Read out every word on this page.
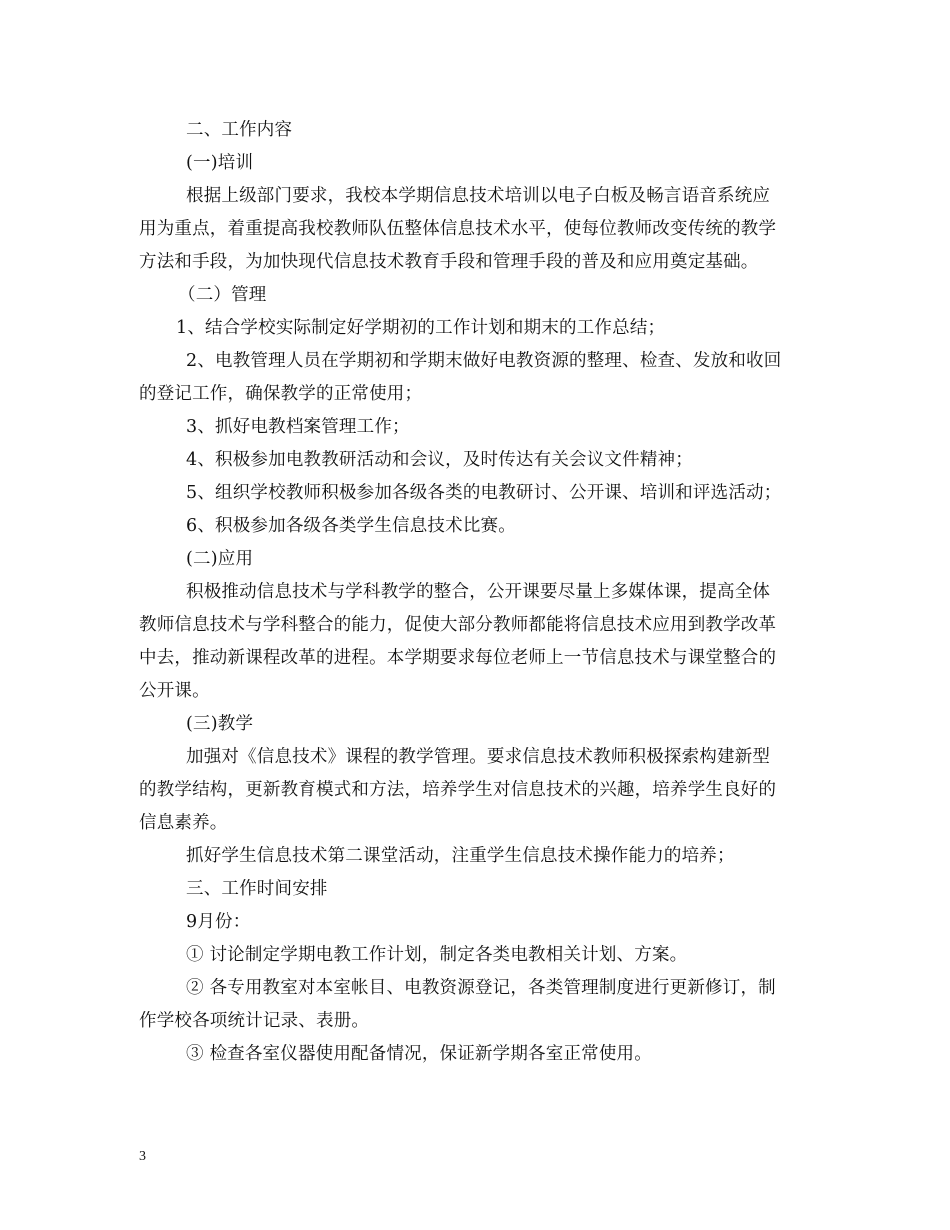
二、工作内容
(一)培训
根据上级部门要求，我校本学期信息技术培训以电子白板及畅言语音系统应
用为重点，着重提高我校教师队伍整体信息技术水平，使每位教师改变传统的教学
方法和手段，为加快现代信息技术教育手段和管理手段的普及和应用奠定基础。
（二）管理
1、结合学校实际制定好学期初的工作计划和期末的工作总结；
2、电教管理人员在学期初和学期末做好电教资源的整理、检查、发放和收回
的登记工作，确保教学的正常使用；
3、抓好电教档案管理工作；
4、积极参加电教教研活动和会议，及时传达有关会议文件精神；
5、组织学校教师积极参加各级各类的电教研讨、公开课、培训和评选活动；
6、积极参加各级各类学生信息技术比赛。
(二)应用
积极推动信息技术与学科教学的整合，公开课要尽量上多媒体课，提高全体
教师信息技术与学科整合的能力，促使大部分教师都能将信息技术应用到教学改革
中去，推动新课程改革的进程。本学期要求每位老师上一节信息技术与课堂整合的
公开课。
(三)教学
加强对《信息技术》课程的教学管理。要求信息技术教师积极探索构建新型
的教学结构，更新教育模式和方法，培养学生对信息技术的兴趣，培养学生良好的
信息素养。
抓好学生信息技术第二课堂活动，注重学生信息技术操作能力的培养；
三、工作时间安排
9月份：
① 讨论制定学期电教工作计划，制定各类电教相关计划、方案。
② 各专用教室对本室帐目、电教资源登记，各类管理制度进行更新修订，制
作学校各项统计记录、表册。
③ 检查各室仪器使用配备情况，保证新学期各室正常使用。
3
